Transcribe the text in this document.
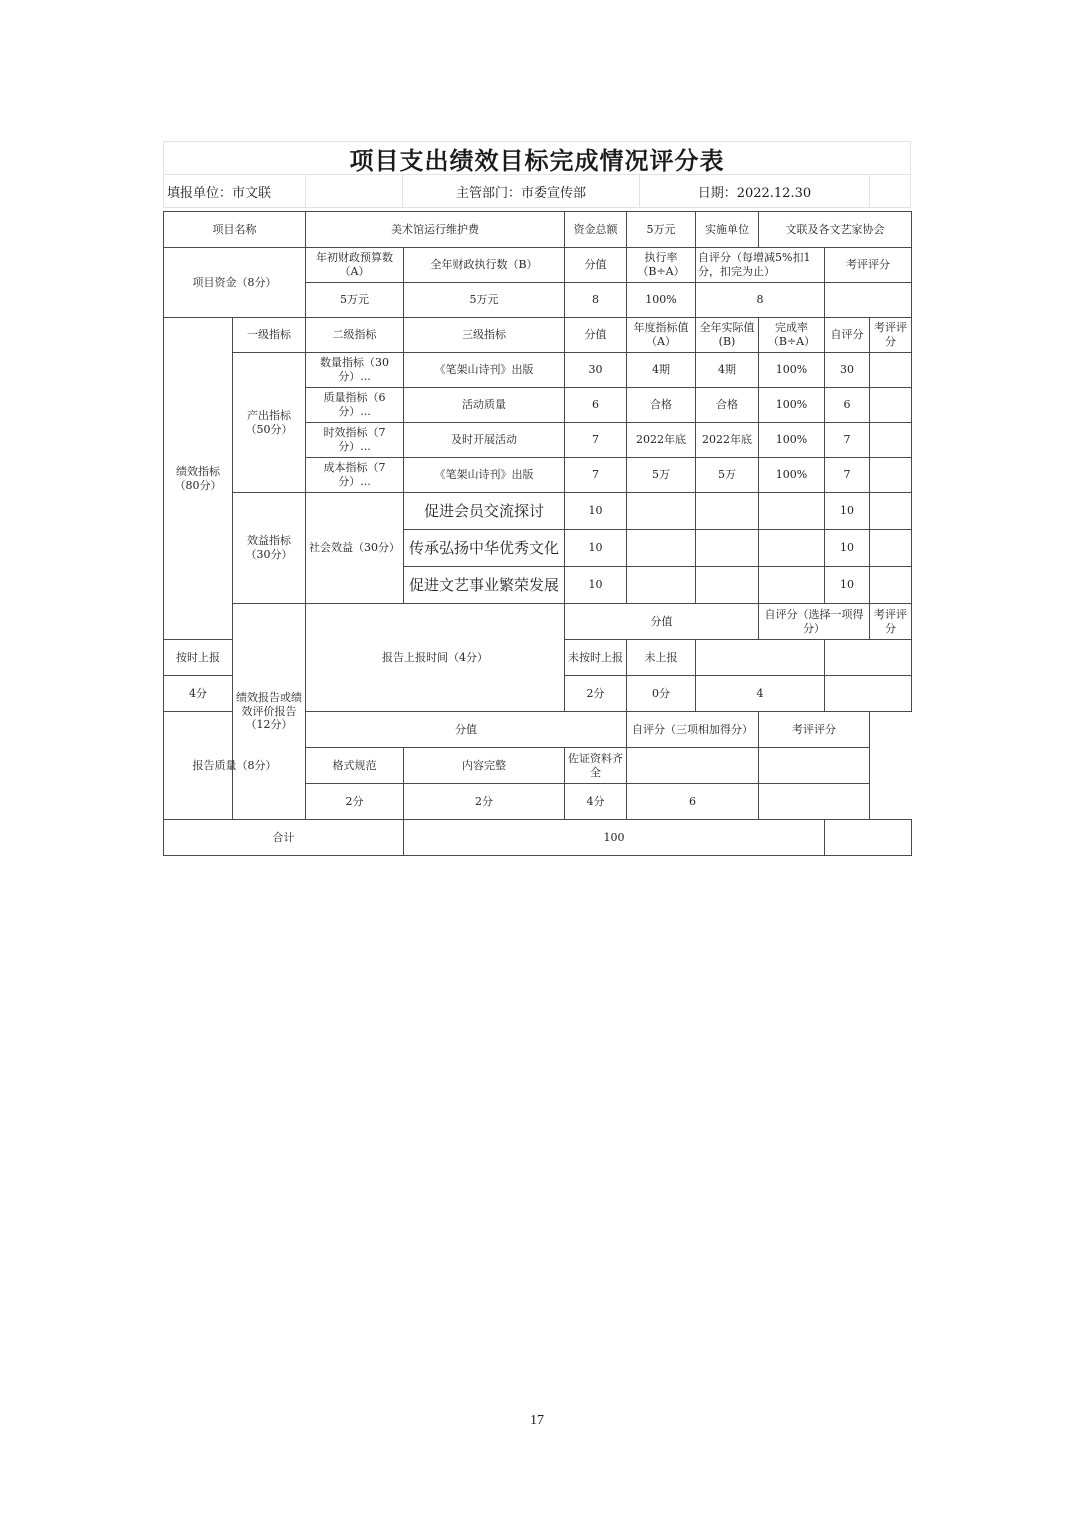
项目支出绩效目标完成情况评分表
填报单位：市文联	主管部门：市委宣传部	日期：2022.12.30
项目名称		美术馆运行维护费		资金总额	5万元	实施单位	文联及各文艺家协会		
项目资金（8分）		年初财政预算数（A）	全年财政执行数（B）	分值	执行率（B÷A）	自评分（每增减5%扣1分，扣完为止）		考评评分	
		5万元	5万元	8	100%	8			
绩效指标（80分）	一级指标	二级指标	三级指标	分值	年度指标值（A）	全年实际值(B)	完成率（B÷A）	自评分	考评评分
	产出指标（50分）	数量指标（30分）...	《笔架山诗刊》出版	30	4期	4期	100%	30	
		质量指标（6分）...	活动质量	6	合格	合格	100%	6	
		时效指标（7分）...	及时开展活动	7	2022年底	2022年底	100%	7	
		成本指标（7分）...	《笔架山诗刊》出版	7	5万	5万	100%	7	
	效益指标（30分）	社会效益（30分）	促进会员交流探讨	10				10	
			传承弘扬中华优秀文化	10				10	
			促进文艺事业繁荣发展	10				10	
	绩效报告或绩效评价报告（12分）	报告上报时间（4分）		分值			自评分（选择一项得分）		考评评分
按时上报				未按时上报	未上报				
4分				2分	0分	4			
报告质量（8分）		分值			自评分（三项相加得分）		考评评分		
		格式规范	内容完整	佐证资料齐全					
		2分	2分	4分	6				
合计			100						
17
